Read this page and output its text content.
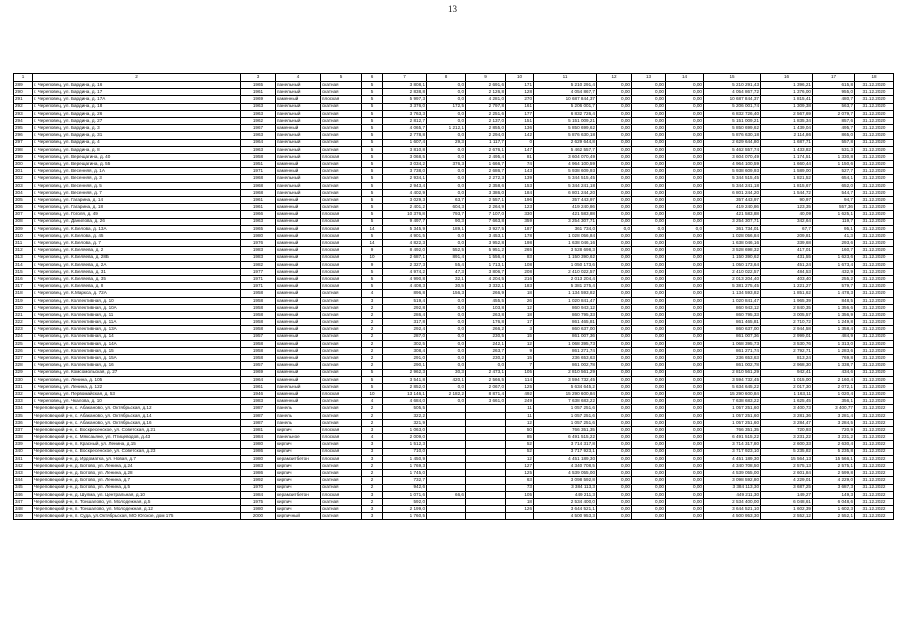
13
1	2	3	4	5	6	7	8	9	10	11	12	13	14	15	16	17	18
289	г. Череповец, ул. Бардина, д. 16	1965	панельный	скатная	5	3 808,1	0,0	2 691,6	171	5 210 291,4	0,00	0,00	0,00	5 210 291,43	1 396,21	615,8	31.12.2020
290	г. Череповец, ул. Бардина, д. 17	1961	панельный	скатная	5	2 838,8	0,0	2 126,8	128	4 054 867,7	0,00	0,00	0,00	4 054 867,72	1 376,00	955,0	31.12.2020
291	г. Череповец, ул. Бардина, д. 17А	1969	каменный	плоская	5	5 997,3	0,0	4 281,0	270	10 687 844,37	0,00	0,00	0,00	10 687 844,37	1 815,41	480,7	31.12.2020
292	г. Череповец, ул. Бардина, д. 18	1963	панельный	скатная	5	3 376,0	172,5	2 797,8	161	5 206 001,7	0,00	0,00	0,00	5 206 001,74	1 309,38	563,7	31.12.2020
293	г. Череповец, ул. Бардина, д. 26	1963	панельный	скатная	5	3 763,3	0,0	2 251,6	177	6 832 726,4	0,00	0,00	0,00	6 832 726,40	2 567,69	2 079,7	31.12.2020
294	г. Череповец, ул. Бардина, д. 27	1962	панельный	скатная	5	2 812,7	0,0	2 137,0	151	5 151 009,21	0,00	0,00	0,00	5 151 009,21	1 835,34	857,6	31.12.2020
295	г. Череповец, ул. Бардина, д. 3	1967	каменный	скатная	5	4 065,7	1 212,1	2 855,0	136	5 850 699,62	0,00	0,00	0,00	5 850 699,62	1 439,04	495,7	31.12.2020
296	г. Череповец, ул. Бардина, д. 31	1963	панельный	скатная	5	2 778,8	0,0	2 294,0	142	5 876 630,18	0,00	0,00	0,00	5 876 630,18	2 114,86	865,0	31.12.2020
297	г. Череповец, ул. Бардина, д. 4	1964	панельный	скатная	5	1 607,4	29,3	1 117,7	0	2 629 644,8	0,00	0,00	0,00	2 629 644,80	1 687,71	557,8	31.12.2020
298	г. Череповец, ул. Бардина, д. 8	1963	панельный	скатная	5	3 810,8	0,0	2 676,1	147	5 462 557,7	0,00	0,00	0,00	5 462 557,74	1 433,82	531,3	31.12.2020
299	г. Череповец, ул. Верещагина, д. 40	1958	панельный	плоская	5	3 068,5	0,0	2 495,4	81	3 604 070,49	0,00	0,00	0,00	3 604 070,49	1 174,51	1 330,8	31.12.2020
300	г. Череповец, ул. Верещагина, д. 55	1951	каменный	скатная	5	3 034,2	376,3	1 666,7	74	4 964 100,59	0,00	0,00	0,00	4 964 100,59	1 660,44	1 150,6	31.12.2020
301	г. Череповец, ул. Весенняя, д. 1А	1971	каменный	скатная	5	3 738,0	0,0	2 686,7	143	5 938 609,93	0,00	0,00	0,00	5 938 609,93	1 589,00	527,7	31.12.2020
302	г. Череповец, ул. Весенняя, д. 3	1968	панельный	скатная	5	2 934,1	0,0	2 272,3	139	5 344 515,45	0,00	0,00	0,00	5 344 515,45	1 821,52	654,1	31.12.2020
303	г. Череповец, ул. Весенняя, д. 5	1968	панельный	скатная	5	2 943,4	0,0	2 358,6	153	5 344 241,18	0,00	0,00	0,00	5 344 241,18	1 815,67	652,0	31.12.2020
304	г. Череповец, ул. Весенняя, д. 7	1968	панельный	скатная	5	4 402,9	0,0	3 386,0	184	6 801 244,20	0,00	0,00	0,00	6 801 244,20	1 544,72	544,7	31.12.2020
305	г. Череповец, ул. Гагарина, д. 14	1961	каменный	скатная	5	3 029,3	63,7	2 557,1	196	357 443,97	0,00	0,00	0,00	357 443,97	90,97	94,7	31.12.2020
306	г. Череповец, ул. Гагарина, д. 18	1961	каменный	скатная	5	2 401,2	604,3	2 264,9	123	419 240,86	0,00	0,00	0,00	419 240,86	123,35	557,36	31.12.2020
307	г. Череповец, ул. Гоголя, д. 49	1966	каменный	плоская	5	10 376,8	793,7	7 107,0	330	421 583,88	0,00	0,00	0,00	421 583,88	40,09	1 625,1	31.12.2020
308	г. Череповец, ул. Данилова, д. 26	1963	каменный	плоская	5	9 497,7	90,3	7 663,8	359	3 254 307,71	0,00	0,00	0,00	3 254 307,71	342,64	119,7	31.12.2020
309	г. Череповец, ул. К.Белова, д. 13А	1965	каменный	плоская	14	5 345,9	189,1	3 927,5	187	361 734,0	0,0	0,0	0,0	361 734,01	67,7	95,1	31.12.2020
310	г. Череповец, ул. К.Белова, д. 45	1980	каменный	плоская	5	4 901,5	0,0	3 453,1	178	1 028 056,84	0,00	0,00	0,00	1 028 056,84	209,81	41,3	31.12.2020
311	г. Череповец, ул. К.Белова, д. 7	1976	каменный	плоская	14	4 822,3	0,0	3 952,8	198	1 638 046,16	0,00	0,00	0,00	1 638 046,16	339,68	293,6	31.12.2020
312	г. Череповец, ул. К.Беляева, д. 2	1983	каменный	плоская	9	8 492,0	552,5	5 951,2	265	3 528 698,3	0,00	0,00	0,00	3 528 698,32	417,01	160,7	31.12.2020
313	г. Череповец, ул. К.Беляева, д. 28Б	1983	каменный	плоская	10	2 687,1	891,4	1 556,4	83	1 150 390,62	0,00	0,00	0,00	1 150 390,62	431,55	1 623,6	31.12.2020
314	г. Череповец, ул. К.Беляева, д. 2А	1982	каменный	плоская	9	2 327,3	55,4	1 713,1	108	1 050 173,6	0,00	0,00	0,00	1 050 173,64	451,24	1 673,4	31.12.2020
315	г. Череповец, ул. К.Беляева, д. 31	1977	каменный	плоская	5	4 974,2	47,3	3 806,7	208	2 410 022,57	0,00	0,00	0,00	2 410 022,57	484,53	432,9	31.12.2020
316	г. Череповец, ул. К.Беляева, д. 35	1971	каменный	плоская	5	4 990,8	32,1	4 204,5	216	2 013 204,4	0,00	0,00	0,00	2 013 204,40	403,40	255,2	31.12.2020
317	г. Череповец, ул. К.Беляева, д. 8	1971	каменный	плоская	5	4 408,3	30,5	3 332,1	183	5 381 275,4	0,00	0,00	0,00	5 381 275,45	1 221,27	579,7	31.12.2020
318	г. Череповец, ул. К.Маркса, д. 72А	1958	каменный	скатная	4	896,8	156,3	266,9	18	1 134 593,82	0,00	0,00	0,00	1 134 593,82	1 851,62	1 478,3	31.12.2020
319	г. Череповец, ул. Коллективная, д. 10	1958	каменный	скатная	3	519,4	0,0	455,5	26	1 020 841,47	0,00	0,00	0,00	1 020 841,47	1 965,39	848,5	31.12.2020
320	г. Череповец, ул. Коллективная, д. 10А	1958	каменный	скатная	2	292,8	0,0	103,8	12	860 943,12	0,00	0,00	0,00	860 943,12	2 840,35	1 356,6	31.12.2020
321	г. Череповец, ул. Коллективная, д. 11	1958	каменный	скатная	2	286,4	0,0	263,8	18	860 795,33	0,00	0,00	0,00	860 795,33	3 005,57	1 356,9	31.12.2020
322	г. Череповец, ул. Коллективная, д. 11А	1958	каменный	скатная	2	317,8	0,0	176,8	17	861 465,81	0,00	0,00	0,00	861 465,81	2 710,72	1 249,8	31.12.2020
323	г. Череповец, ул. Коллективная, д. 13А	1958	каменный	скатная	2	292,4	0,0	266,2	3	860 637,00	0,00	0,00	0,00	860 637,00	2 944,58	1 358,4	31.12.2020
324	г. Череповец, ул. Коллективная, д. 14	1957	каменный	скатная	2	287,0	0,0	230,5	15	861 007,36	0,00	0,00	0,00	861 007,36	2 999,01	484,9	31.12.2020
325	г. Череповец, ул. Коллективная, д. 14А	1958	каменный	скатная	2	302,5	0,0	242,1	12	1 068 395,73	0,00	0,00	0,00	1 068 395,73	3 530,76	1 313,0	31.12.2020
326	г. Череповец, ул. Коллективная, д. 15	1958	каменный	скатная	2	308,4	0,0	263,7	9	861 271,74	0,00	0,00	0,00	861 271,74	2 792,71	1 283,6	31.12.2020
327	г. Череповец, ул. Коллективная, д. 15А	1958	каменный	скатная	2	291,0	0,0	230,2	15	236 653,63	0,00	0,00	0,00	236 653,63	813,24	769,8	31.12.2020
328	г. Череповец, ул. Коллективная, д. 16	1957	каменный	скатная	2	290,1	0,0	0,0	7	861 002,78	0,00	0,00	0,00	861 002,78	2 968,30	1 338,7	31.12.2020
329	г. Череповец, ул. Комсомольская, д. 27	1969	каменный	скатная	5	2 962,3	30,3	2 473,1	105	2 810 561,29	0,00	0,00	0,00	2 810 561,29	942,41	434,6	31.12.2020
330	г. Череповец, ул. Ленина, д. 105	1964	каменный	скатная	5	3 541,8	420,1	2 566,5	114	3 594 732,45	0,00	0,00	0,00	3 594 732,45	1 015,00	2 160,4	31.12.2020
331	г. Череповец, ул. Ленина, д. 122	1961	панельный	скатная	5	2 852,0	0,0	2 067,0	125	5 634 645,2	0,00	0,00	0,00	5 634 645,22	2 017,30	2 072,1	31.12.2020
332	г. Череповец, ул. Первомайская, д. 53	1946	каменный	плоская	10	13 146,1	2 182,2	8 871,4	492	15 290 600,84	0,00	0,00	0,00	15 290 600,84	1 163,11	1 020,4	31.12.2020
333	г. Череповец, ул. Чкалова, д. 10	1983	каменный	скатная	4	4 684,0	0,0	3 661,0	249	7 638 683,22	0,00	0,00	0,00	7 638 683,22	1 625,45	356,1	31.12.2020
334	Череповецкий р-н, с. Абакановo, ул. Октябрьская, д.12	1987	панель	скатная	2	505,5			11	1 057 251,6	0,00	0,00	0,00	1 057 251,60	3 400,73	3 400,77	31.12.2022
335	Череповецкий р-н, с. Абакановo, ул. Октябрьская, д.14	1987	панель	скатная	2	322,2			11	1 057 251,6	0,00	0,00	0,00	1 057 251,60	3 281,36	3 281,4	31.12.2022
336	Череповецкий р-н, с. Абакановo, ул. Октябрьская, д.16	1987	панель	скатная	2	321,9			12	1 057 251,6	0,00	0,00	0,00	1 057 251,60	3 284,47	3 284,5	31.12.2022
337	Череповецкий р-н, с. Воскресенское, ул. Советская, д.21	1981	кирпич	плоская	3	1 063,0			50	766 351,35	0,00	0,00	0,00	766 351,35	720,93	720,9	31.12.2022
338	Череповецкий р-н, с. Мяксаьяне, ул. Птицеводов, д.43	1984	панельное	плоская	4	2 009,0			85	6 491 515,22	0,00	0,00	0,00	6 491 515,22	3 231,22	3 231,2	31.12.2022
339	Череповецкий р-н, п. Красный, ул. Ленина, д.15	1980	кирпич	скатная	3	1 512,3			52	3 714 317,8	0,00	0,00	0,00	3 714 317,80	2 600,33	2 630,4	31.12.2022
340	Череповецкий р-н, с. Воскресенское, ул. Советская, д.23	1986	кирпич	плоская	3	710,0			52	3 717 923,1	0,00	0,00	0,00	3 717 923,10	5 235,82	5 235,8	31.12.2022
341	Череповецкий р-н, д. Ирдоматка, ул. Новая, д.7	1980	керамзитбетон	плоская	3	1 450,9			12	4 451 189,30	0,00	0,00	0,00	4 451 189,30	15 564,13	15 566,1	31.12.2022
342	Череповецкий р-н, д. Ботово, ул. Ленина, д.24	1983	кирпич	скатная	2	1 769,3			127	4 340 708,5	0,00	0,00	0,00	4 340 708,50	2 575,13	2 575,1	31.12.2022
343	Череповецкий р-н, д. Ботово, ул. Ленина, д.28	1986	кирпич	скатная	2	1 745,0			125	4 539 055,00	0,00	0,00	0,00	4 539 055,00	2 601,84	2 599,8	31.12.2022
344	Череповецкий р-н, д. Ботово, ул. Ленина, д.7	1992	кирпич	скатная	2	732,7			63	3 098 592,8	0,00	0,00	0,00	3 098 592,80	4 229,01	4 229,0	31.12.2022
345	Череповецкий р-н, д. Ботово, ул. Ленина, д.5	1970	кирпич	скатная	2	942,6			73	3 384 113,3	0,00	0,00	0,00	3 384 113,30	3 687,25	3 687,3	31.12.2022
346	Череповецкий р-н, д. Шулма, ул. Центральная, д.10	1984	керамзитбетон	плоская	3	1 071,6	66,6		105	449 211,3	0,00	0,00	0,00	449 211,30	149,27	149,3	31.12.2022
347	Череповецкий р-н, п. Тоншалово, ул. Молодежная, д.5	1975	кирпич	скатная	2	592,0			18	2 534 400,0	0,00	0,00	0,00	2 534 400,00	6 048,61	6 048,6	31.12.2022
348	Череповецкий р-н, п. Тоншалово, ул. Молодежная, д.12	1980	кирпич	скатная	3	2 199,0			126	3 644 521,1	0,00	0,00	0,00	3 644 521,10	1 602,39	1 602,3	31.12.2022
349	Череповецкий р-н, п. Суда, ул.Октябрьская, МО Югское, дом 175	2000	кирпичный	скатная	3	1 760,5				4 500 953,3	0,00	0,00	0,00	4 500 953,30	2 552,12	2 552,1	31.12.2022
